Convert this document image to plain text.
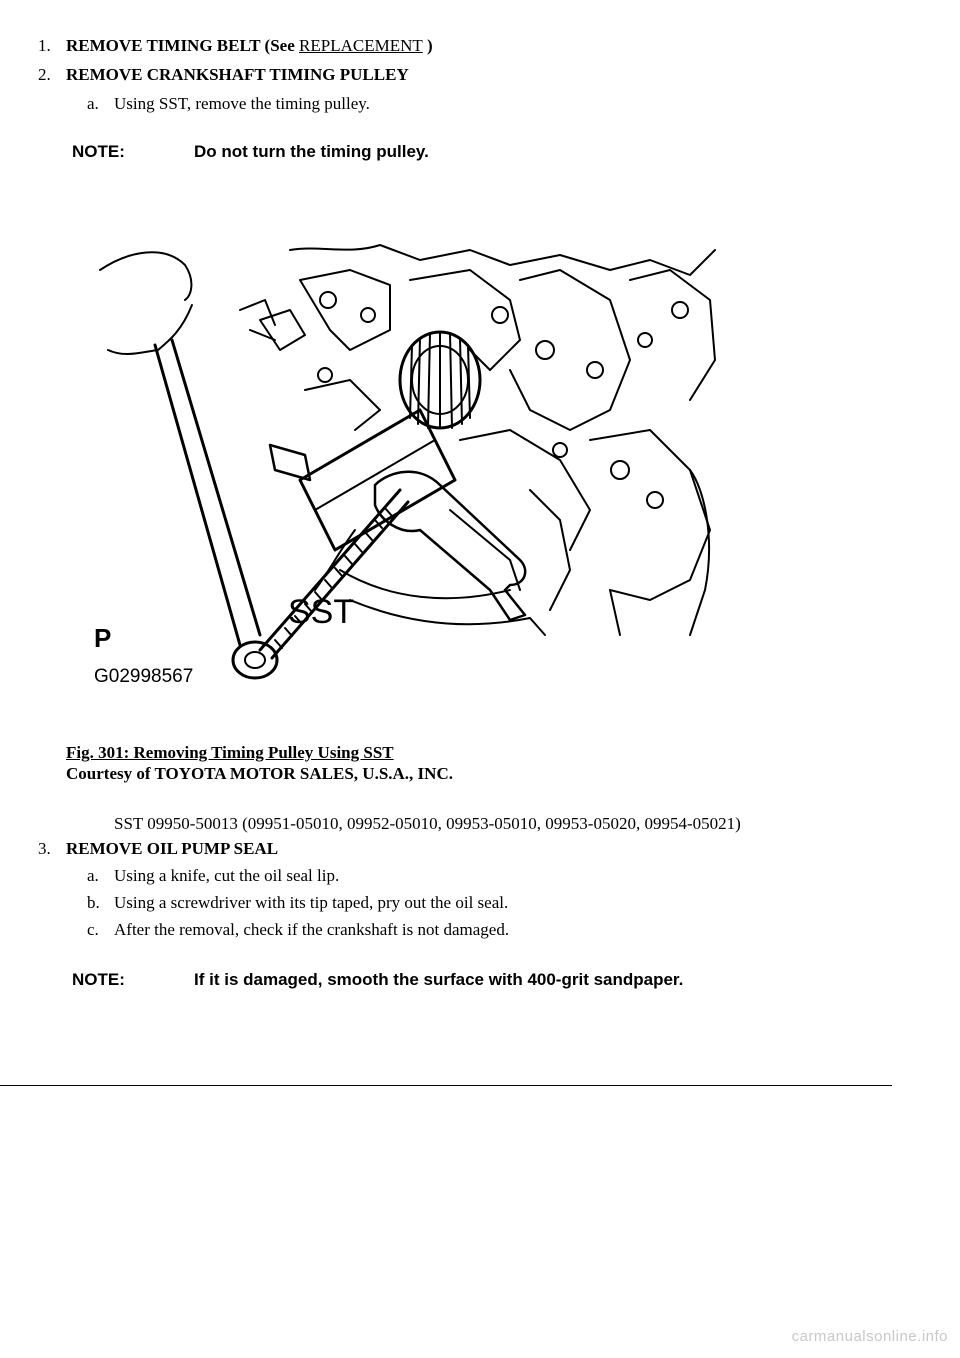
1. REMOVE TIMING BELT (See REPLACEMENT )
2. REMOVE CRANKSHAFT TIMING PULLEY
a. Using SST, remove the timing pulley.
NOTE:	Do not turn the timing pulley.
SST
P
G02998567
Fig. 301: Removing Timing Pulley Using SST
Courtesy of TOYOTA MOTOR SALES, U.S.A., INC.
SST 09950-50013 (09951-05010, 09952-05010, 09953-05010, 09953-05020, 09954-05021)
3. REMOVE OIL PUMP SEAL
a. Using a knife, cut the oil seal lip.
b. Using a screwdriver with its tip taped, pry out the oil seal.
c. After the removal, check if the crankshaft is not damaged.
NOTE:	If it is damaged, smooth the surface with 400-grit sandpaper.
carmanualsonline.info
